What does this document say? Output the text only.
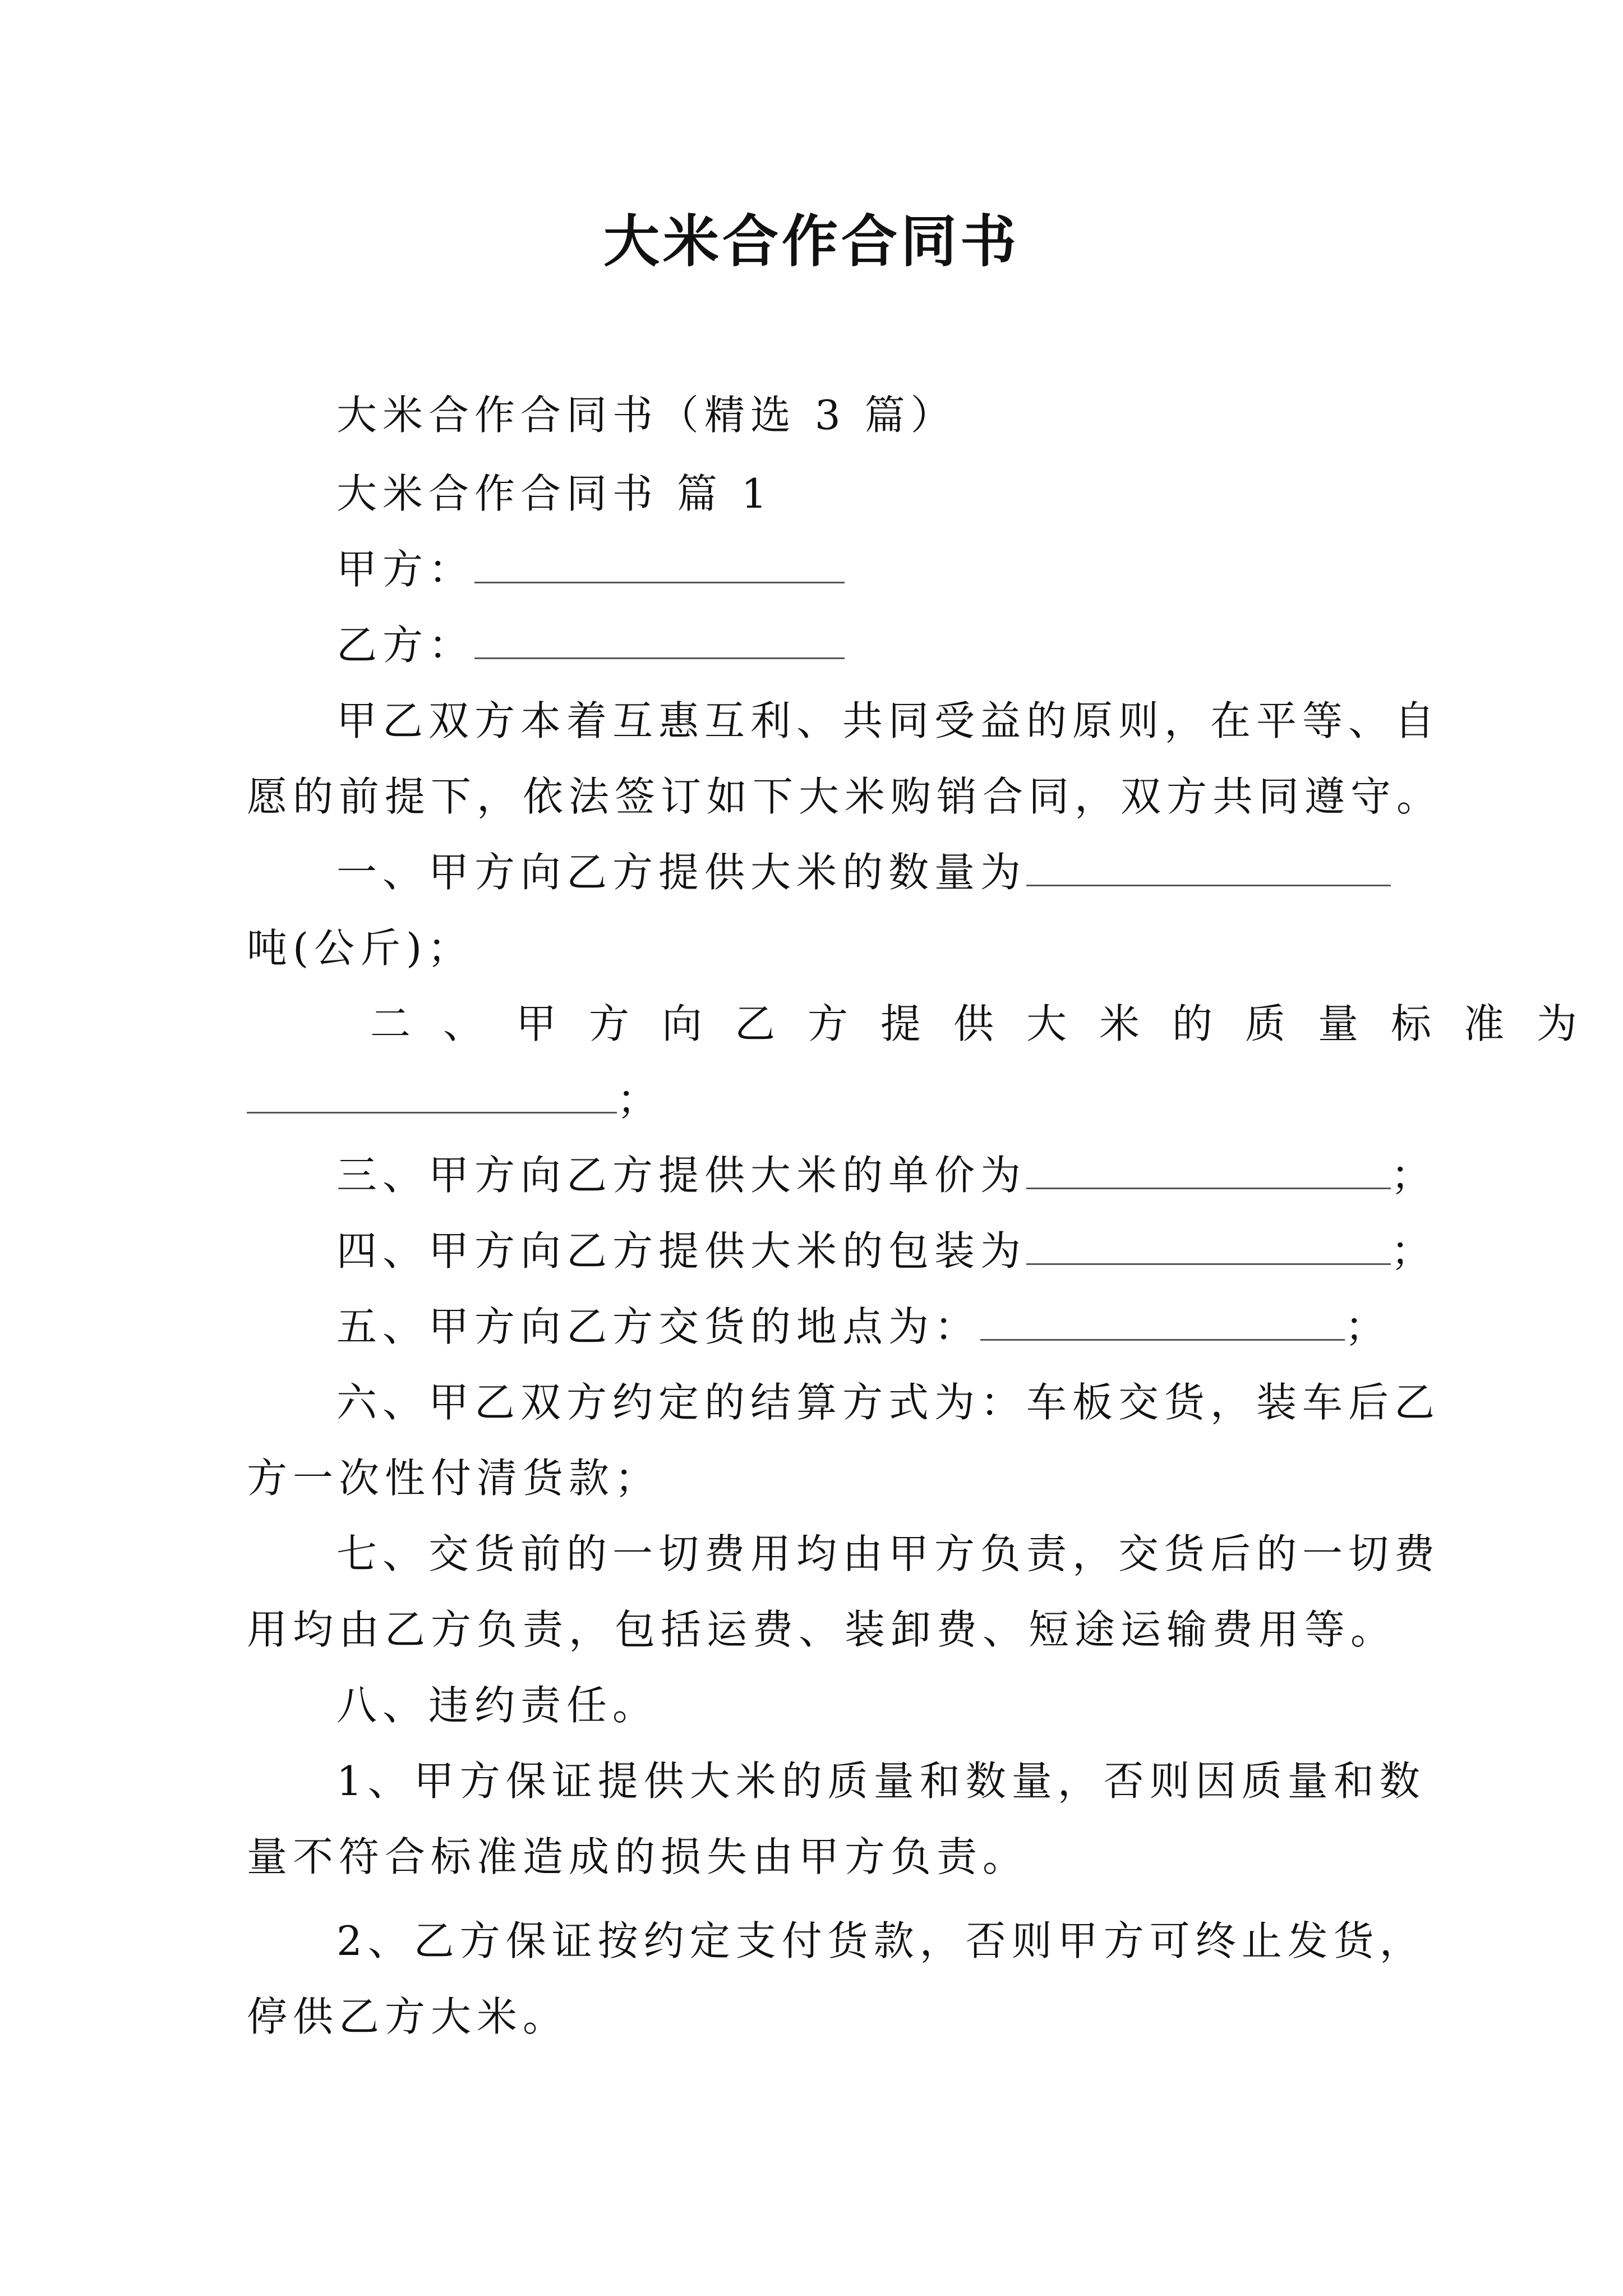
大米合作合同书
大米合作合同书（精选 3 篇）
大米合作合同书 篇 1
甲方：
乙方：
甲乙双方本着互惠互利、共同受益的原则，在平等、自
愿的前提下，依法签订如下大米购销合同，双方共同遵守。
一、甲方向乙方提供大米的数量为
吨(公斤)；
二、甲方向乙方提供大米的质量标准为
；
三、甲方向乙方提供大米的单价为	；
四、甲方向乙方提供大米的包装为	；
五、甲方向乙方交货的地点为：	；
六、甲乙双方约定的结算方式为：车板交货，装车后乙
方一次性付清货款；
七、交货前的一切费用均由甲方负责，交货后的一切费
用均由乙方负责，包括运费、装卸费、短途运输费用等。
八、违约责任。
1、甲方保证提供大米的质量和数量，否则因质量和数
量不符合标准造成的损失由甲方负责。
2、乙方保证按约定支付货款，否则甲方可终止发货，
停供乙方大米。
